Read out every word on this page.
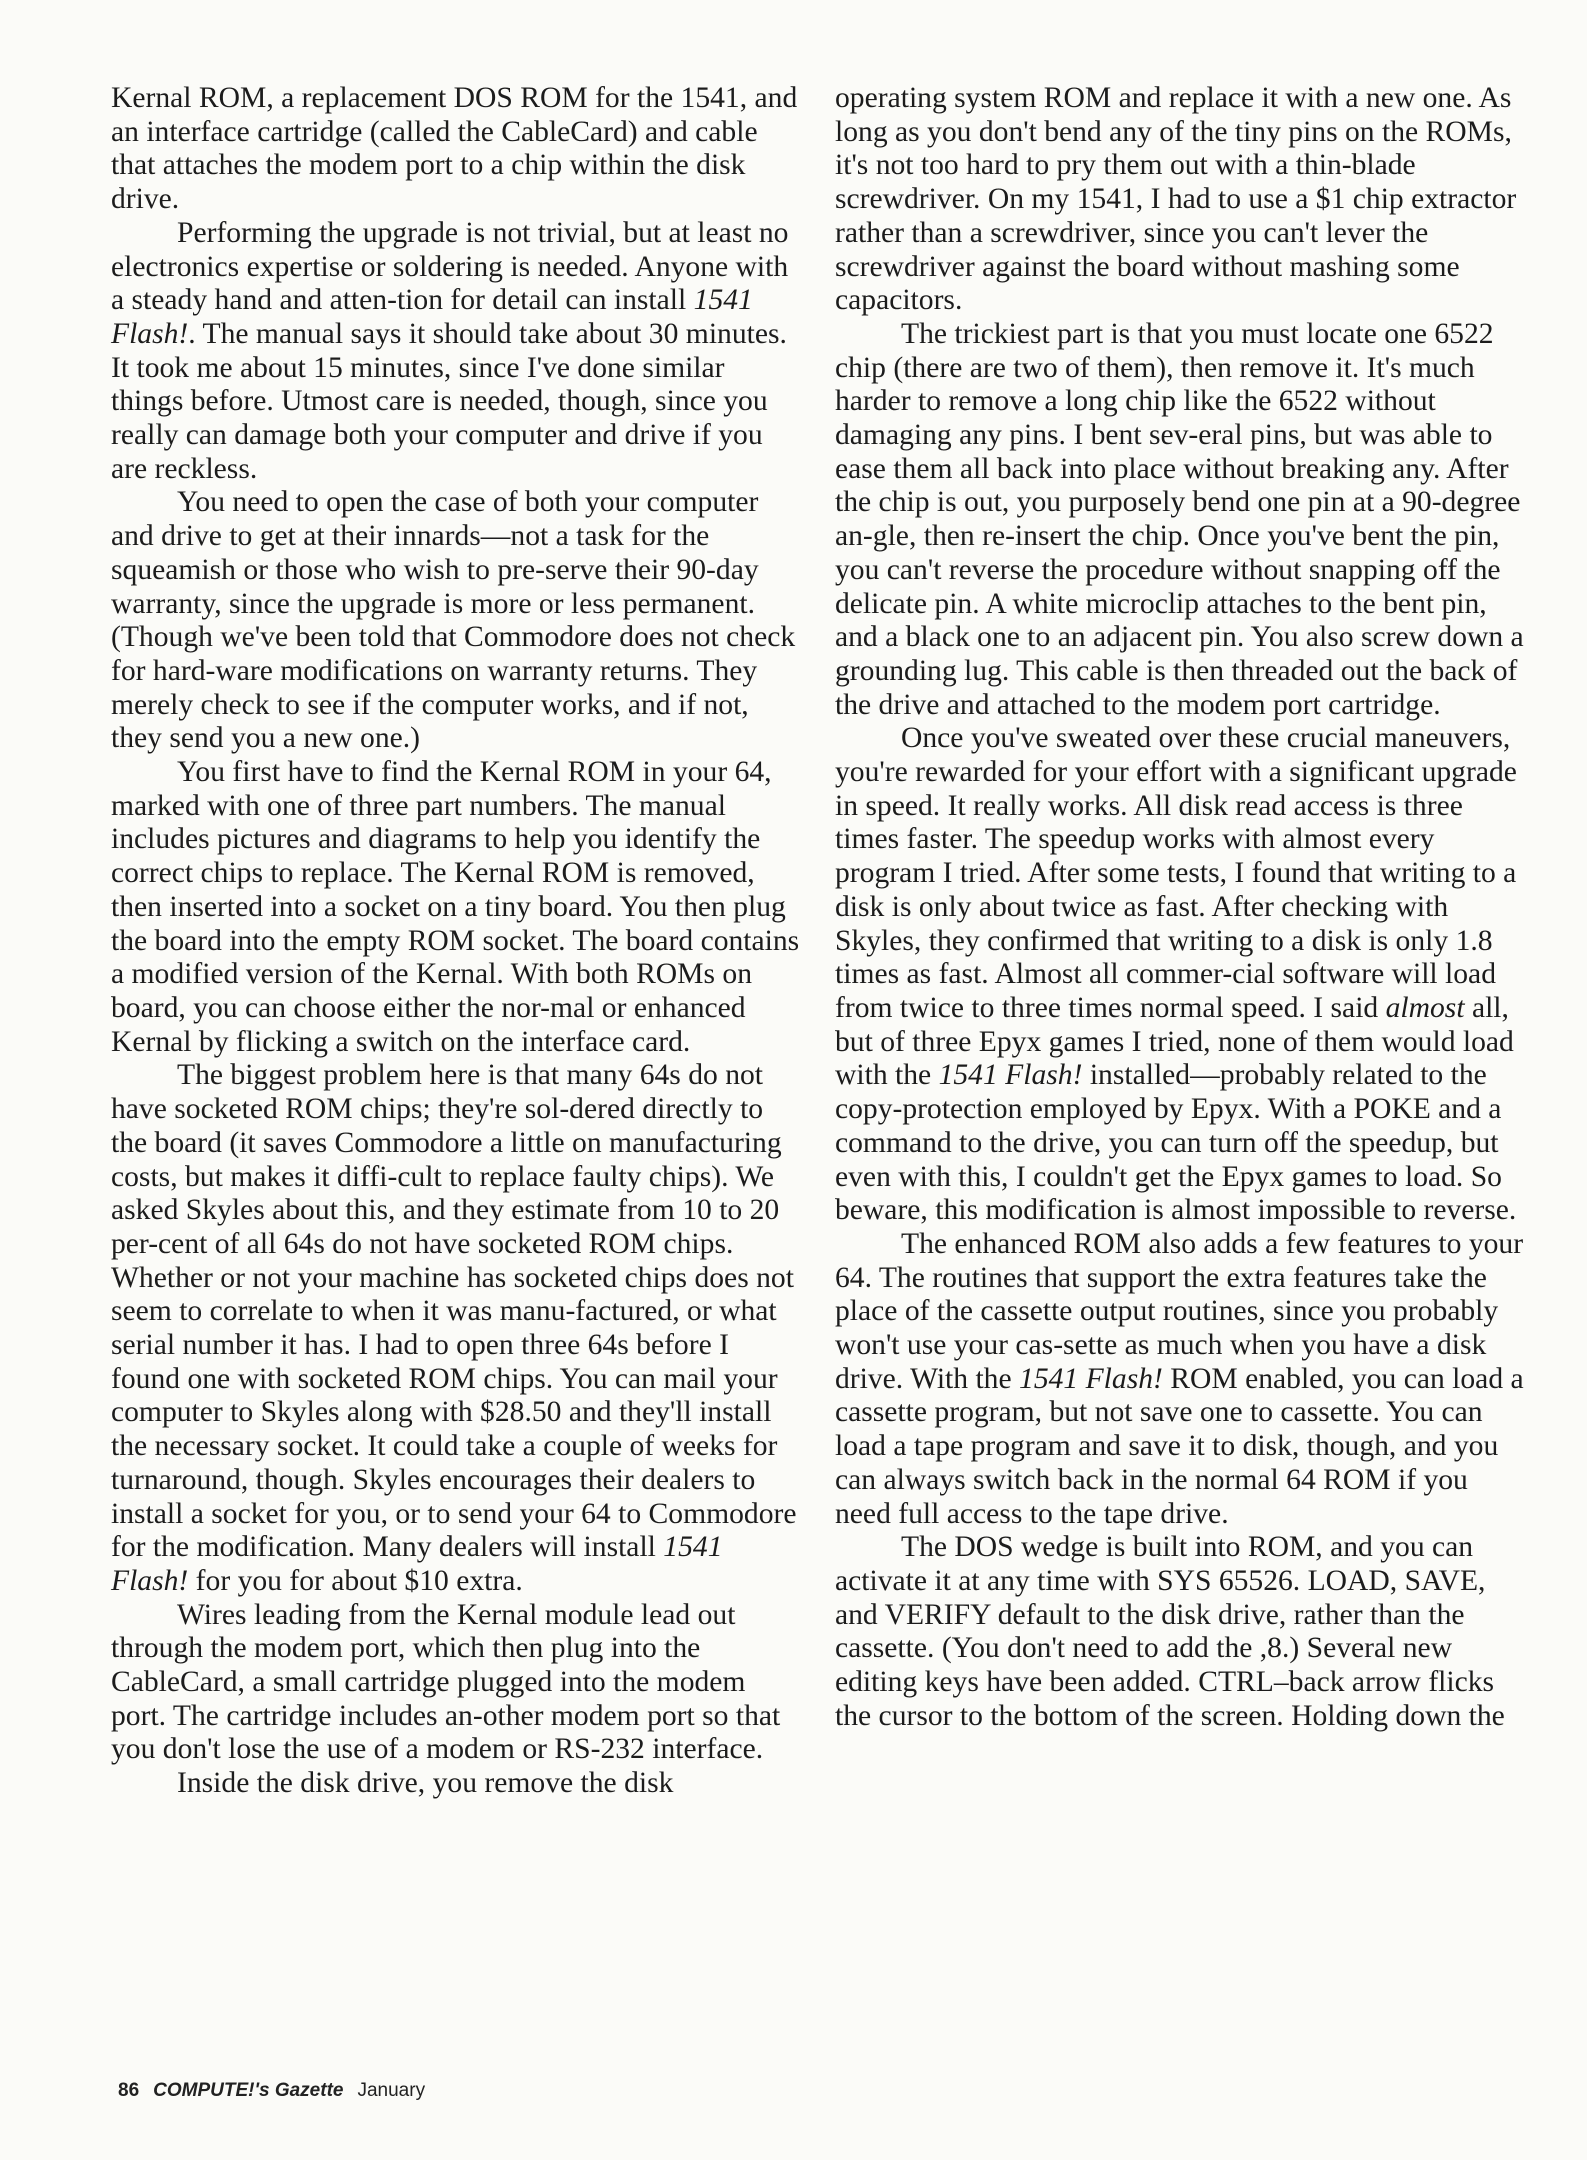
Kernal ROM, a replacement DOS ROM for the 1541, and an interface cartridge (called the CableCard) and cable that attaches the modem port to a chip within the disk drive.

Performing the upgrade is not trivial, but at least no electronics expertise or soldering is needed. Anyone with a steady hand and atten-tion for detail can install 1541 Flash!. The manual says it should take about 30 minutes. It took me about 15 minutes, since I've done similar things before. Utmost care is needed, though, since you really can damage both your computer and drive if you are reckless.

You need to open the case of both your computer and drive to get at their innards—not a task for the squeamish or those who wish to pre-serve their 90-day warranty, since the upgrade is more or less permanent. (Though we've been told that Commodore does not check for hard-ware modifications on warranty returns. They merely check to see if the computer works, and if not, they send you a new one.)

You first have to find the Kernal ROM in your 64, marked with one of three part numbers. The manual includes pictures and diagrams to help you identify the correct chips to replace. The Kernal ROM is removed, then inserted into a socket on a tiny board. You then plug the board into the empty ROM socket. The board contains a modified version of the Kernal. With both ROMs on board, you can choose either the nor-mal or enhanced Kernal by flicking a switch on the interface card.

The biggest problem here is that many 64s do not have socketed ROM chips; they're sol-dered directly to the board (it saves Commodore a little on manufacturing costs, but makes it diffi-cult to replace faulty chips). We asked Skyles about this, and they estimate from 10 to 20 per-cent of all 64s do not have socketed ROM chips. Whether or not your machine has socketed chips does not seem to correlate to when it was manu-factured, or what serial number it has. I had to open three 64s before I found one with socketed ROM chips. You can mail your computer to Skyles along with $28.50 and they'll install the necessary socket. It could take a couple of weeks for turnaround, though. Skyles encourages their dealers to install a socket for you, or to send your 64 to Commodore for the modification. Many dealers will install 1541 Flash! for you for about $10 extra.

Wires leading from the Kernal module lead out through the modem port, which then plug into the CableCard, a small cartridge plugged into the modem port. The cartridge includes an-other modem port so that you don't lose the use of a modem or RS-232 interface.

Inside the disk drive, you remove the disk

operating system ROM and replace it with a new one. As long as you don't bend any of the tiny pins on the ROMs, it's not too hard to pry them out with a thin-blade screwdriver. On my 1541, I had to use a $1 chip extractor rather than a screwdriver, since you can't lever the screwdriver against the board without mashing some capacitors.

The trickiest part is that you must locate one 6522 chip (there are two of them), then remove it. It's much harder to remove a long chip like the 6522 without damaging any pins. I bent sev-eral pins, but was able to ease them all back into place without breaking any. After the chip is out, you purposely bend one pin at a 90-degree an-gle, then re-insert the chip. Once you've bent the pin, you can't reverse the procedure without snapping off the delicate pin. A white microclip attaches to the bent pin, and a black one to an adjacent pin. You also screw down a grounding lug. This cable is then threaded out the back of the drive and attached to the modem port cartridge.

Once you've sweated over these crucial maneuvers, you're rewarded for your effort with a significant upgrade in speed. It really works. All disk read access is three times faster. The speedup works with almost every program I tried. After some tests, I found that writing to a disk is only about twice as fast. After checking with Skyles, they confirmed that writing to a disk is only 1.8 times as fast. Almost all commer-cial software will load from twice to three times normal speed. I said almost all, but of three Epyx games I tried, none of them would load with the 1541 Flash! installed—probably related to the copy-protection employed by Epyx. With a POKE and a command to the drive, you can turn off the speedup, but even with this, I couldn't get the Epyx games to load. So beware, this modification is almost impossible to reverse.

The enhanced ROM also adds a few features to your 64. The routines that support the extra features take the place of the cassette output routines, since you probably won't use your cas-sette as much when you have a disk drive. With the 1541 Flash! ROM enabled, you can load a cassette program, but not save one to cassette. You can load a tape program and save it to disk, though, and you can always switch back in the normal 64 ROM if you need full access to the tape drive.

The DOS wedge is built into ROM, and you can activate it at any time with SYS 65526. LOAD, SAVE, and VERIFY default to the disk drive, rather than the cassette. (You don't need to add the ,8.) Several new editing keys have been added. CTRL–back arrow flicks the cursor to the bottom of the screen. Holding down the

86 COMPUTE!'s Gazette January
